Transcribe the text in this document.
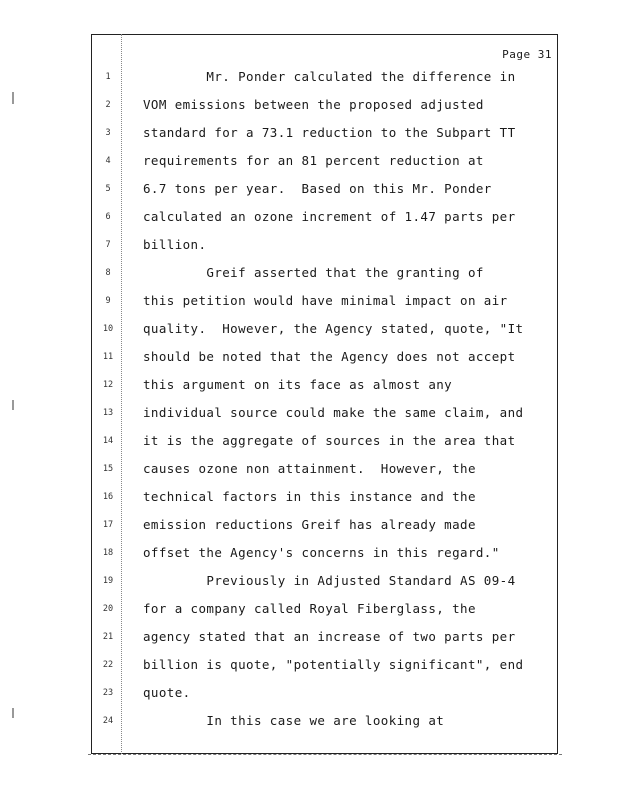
Page 31
1	Mr. Ponder calculated the difference in
2	VOM emissions between the proposed adjusted
3	standard for a 73.1 reduction to the Subpart TT
4	requirements for an 81 percent reduction at
5	6.7 tons per year.  Based on this Mr. Ponder
6	calculated an ozone increment of 1.47 parts per
7	billion.
8	Greif asserted that the granting of
9	this petition would have minimal impact on air
10 quality.  However, the Agency stated, quote, "It
11 should be noted that the Agency does not accept
12 this argument on its face as almost any
13 individual source could make the same claim, and
14 it is the aggregate of sources in the area that
15 causes ozone non attainment.  However, the
16 technical factors in this instance and the
17 emission reductions Greif has already made
18 offset the Agency's concerns in this regard."
19 Previously in Adjusted Standard AS 09-4
20 for a company called Royal Fiberglass, the
21 agency stated that an increase of two parts per
22 billion is quote, "potentially significant", end
23 quote.
24 In this case we are looking at
